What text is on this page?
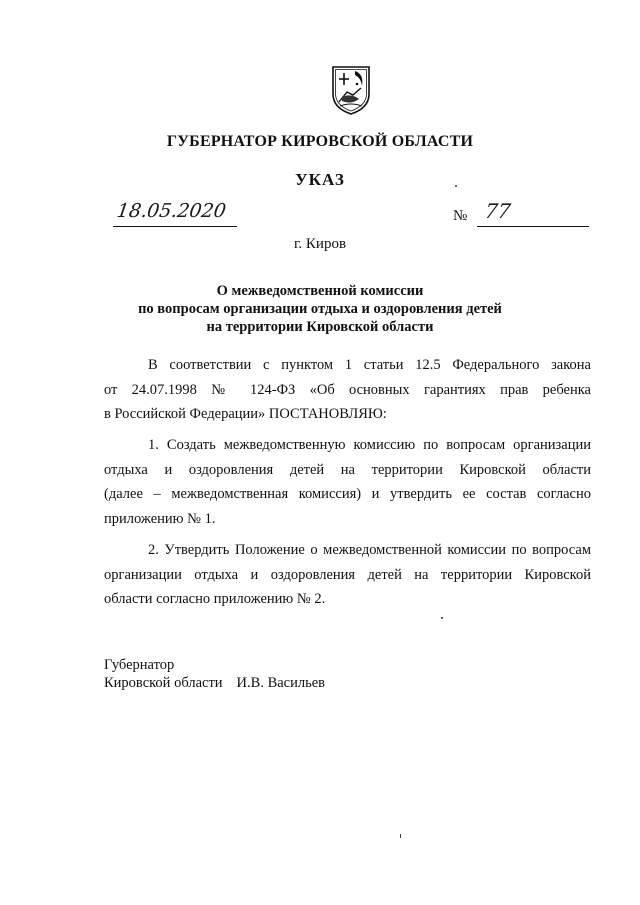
ГУБЕРНАТОР КИРОВСКОЙ ОБЛАСТИ
УКАЗ
18.05.2020	№ 77
г. Киров
О межведомственной комиссии
по вопросам организации отдыха и оздоровления детей
на территории Кировской области
В соответствии с пунктом 1 статьи 12.5 Федерального закона
от 24.07.1998 № 124-ФЗ «Об основных гарантиях прав ребенка
в Российской Федерации» ПОСТАНОВЛЯЮ:
1. Создать межведомственную комиссию по вопросам организации
отдыха и оздоровления детей на территории Кировской области
(далее – межведомственная комиссия) и утвердить ее состав согласно
приложению № 1.
2. Утвердить Положение о межведомственной комиссии по вопросам
организации отдыха и оздоровления детей на территории Кировской
области согласно приложению № 2.
Губернатор
Кировской области И.В. Васильев
